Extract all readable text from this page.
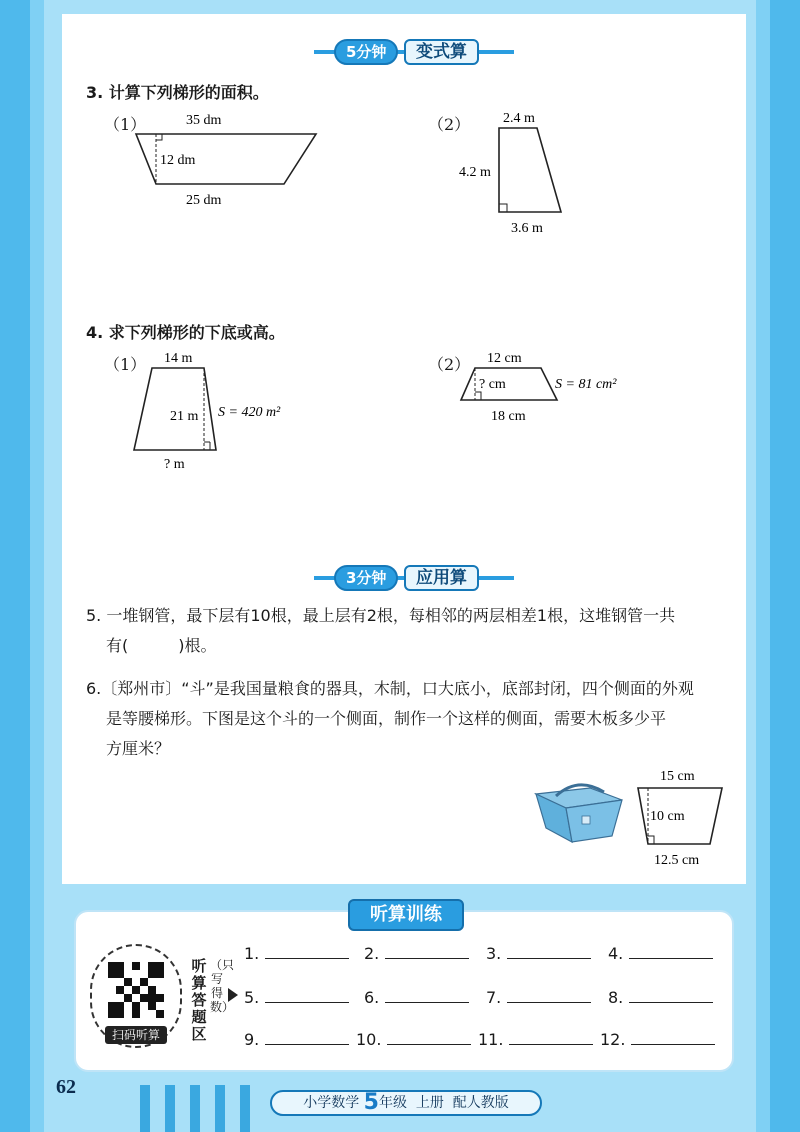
5分钟	变式算
3. 计算下列梯形的面积。
（1）	35 dm
12 dm
25 dm
（2） 2.4 m
4.2 m
3.6 m
4. 求下列梯形的下底或高。
（1） 14 m
21 m S = 420 m²
? m
（2） 12 cm
? cm	S = 81 cm²
18 cm
3分钟	应用算
5. 一堆钢管，最下层有10根，最上层有2根，每相邻的两层相差1根，这堆钢管一共
有(	)根。
6.〔郑州市〕“斗”是我国量粮食的器具，木制，口大底小，底部封闭，四个侧面的外观
是等腰梯形。下图是这个斗的一个侧面，制作一个这样的侧面，需要木板多少平
方厘米？
15 cm
10 cm
12.5 cm
听算训练
扫码听算
听算答题区
（只写得数）
1.	2.	3.	4.
5.	6.	7.	8.
9.	10.	11.	12.
62
小学数学 5年级 上册 配人教版
